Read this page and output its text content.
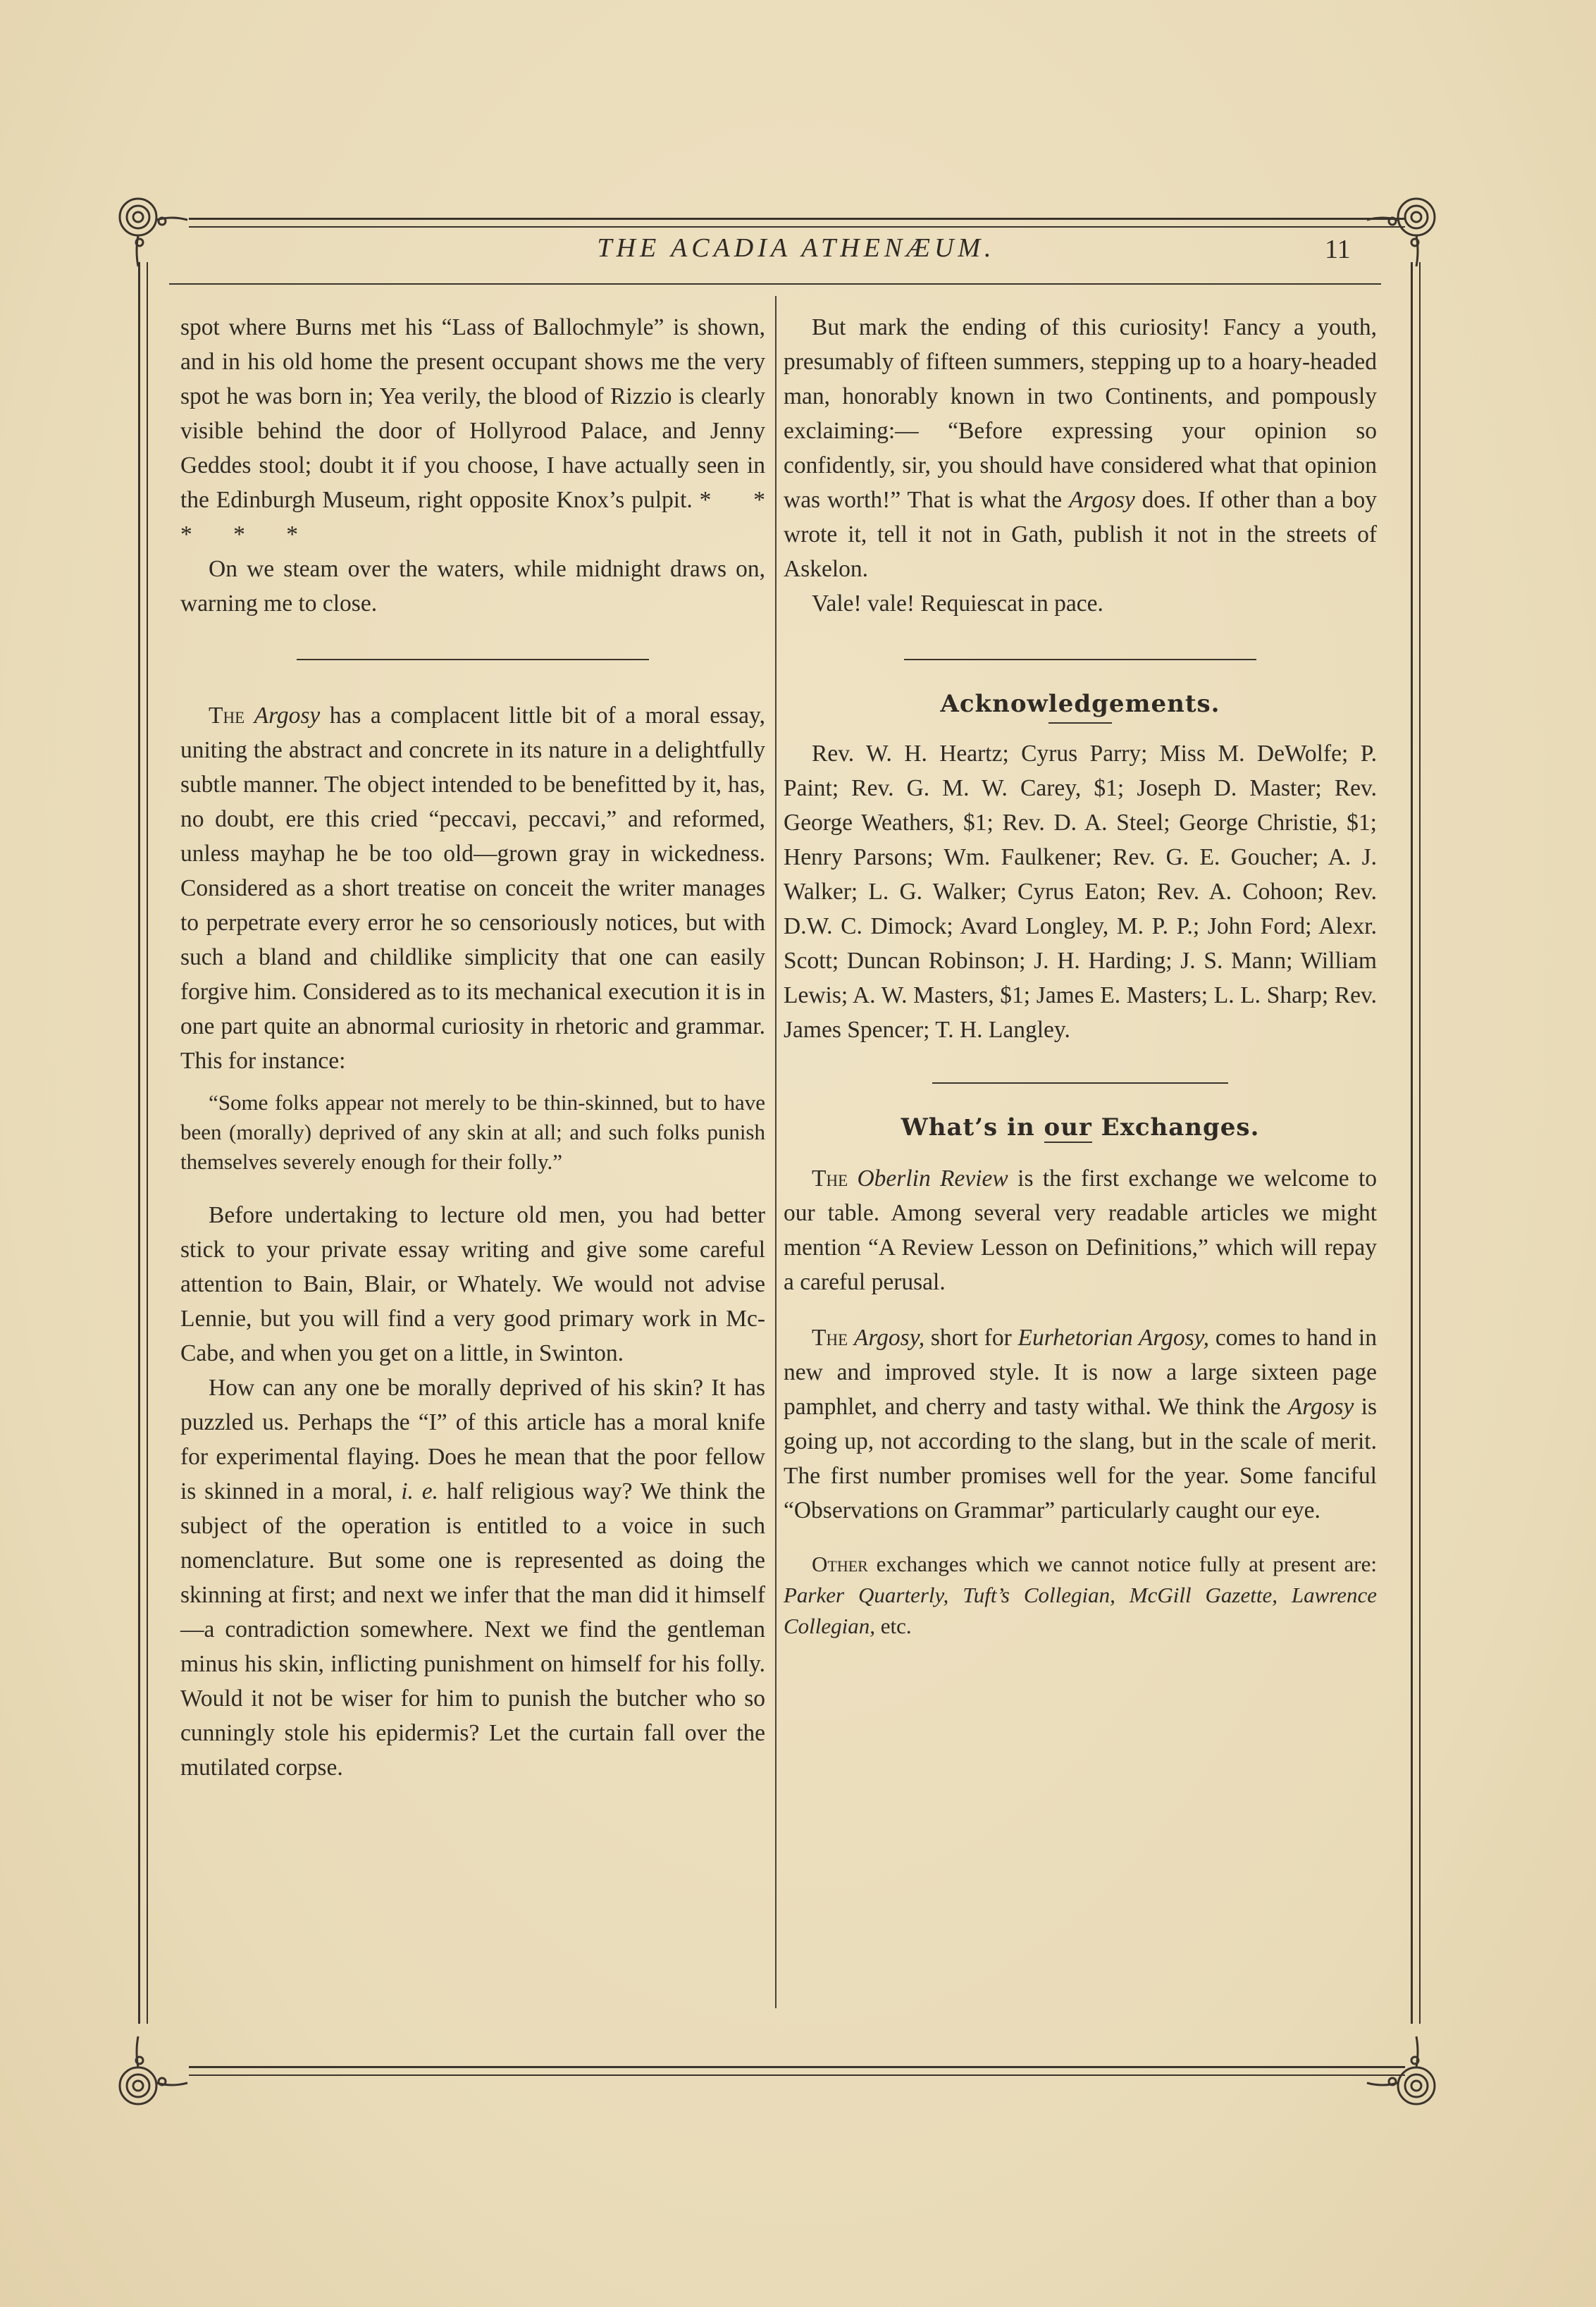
THE ACADIA ATHENÆUM.	11

spot where Burns met his “Lass of Ballochmyle” is shown, and in his old home the present occupant shows me the very spot he was born in; Yea verily, the blood of Rizzio is clearly visible behind the door of Hollyrood Palace, and Jenny Geddes stool; doubt it if you choose, I have actually seen in the Edinburgh Museum, right opposite Knox’s pulpit. * * * * *

On we steam over the waters, while midnight draws on, warning me to close.

The Argosy has a complacent little bit of a moral essay, uniting the abstract and concrete in its nature in a delightfully subtle manner. The object intended to be benefitted by it, has, no doubt, ere this cried “peccavi, peccavi,” and reformed, unless mayhap he be too old—grown gray in wickedness. Considered as a short treatise on conceit the writer manages to perpetrate every error he so censoriously notices, but with such a bland and childlike simplicity that one can easily forgive him. Considered as to its mechanical execution it is in one part quite an abnormal curiosity in rhetoric and grammar. This for instance:

“Some folks appear not merely to be thin-skinned, but to have been (morally) deprived of any skin at all; and such folks punish themselves severely enough for their folly.”

Before undertaking to lecture old men, you had better stick to your private essay writing and give some careful attention to Bain, Blair, or Whately. We would not advise Lennie, but you will find a very good primary work in McCabe, and when you get on a little, in Swinton.

How can any one be morally deprived of his skin? It has puzzled us. Perhaps the “I” of this article has a moral knife for experimental flaying. Does he mean that the poor fellow is skinned in a moral, i. e. half religious way? We think the subject of the operation is entitled to a voice in such nomenclature. But some one is represented as doing the skinning at first; and next we infer that the man did it himself—a contradiction somewhere. Next we find the gentleman minus his skin, inflicting punishment on himself for his folly. Would it not be wiser for him to punish the butcher who so cunningly stole his epidermis? Let the curtain fall over the mutilated corpse.

But mark the ending of this curiosity! Fancy a youth, presumably of fifteen summers, stepping up to a hoary-headed man, honorably known in two Continents, and pompously exclaiming:— “Before expressing your opinion so confidently, sir, you should have considered what that opinion was worth!” That is what the Argosy does. If other than a boy wrote it, tell it not in Gath, publish it not in the streets of Askelon.

Vale! vale! Requiescat in pace.

Acknowledgements.

Rev. W. H. Heartz; Cyrus Parry; Miss M. DeWolfe; P. Paint; Rev. G. M. W. Carey, $1; Joseph D. Master; Rev. George Weathers, $1; Rev. D. A. Steel; George Christie, $1; Henry Parsons; Wm. Faulkener; Rev. G. E. Goucher; A. J. Walker; L. G. Walker; Cyrus Eaton; Rev. A. Cohoon; Rev. D.W. C. Dimock; Avard Longley, M. P. P.; John Ford; Alexr. Scott; Duncan Robinson; J. H. Harding; J. S. Mann; William Lewis; A. W. Masters, $1; James E. Masters; L. L. Sharp; Rev. James Spencer; T. H. Langley.

What’s in our Exchanges.

The Oberlin Review is the first exchange we welcome to our table. Among several very readable articles we might mention “A Review Lesson on Definitions,” which will repay a careful perusal.

The Argosy, short for Eurhetorian Argosy, comes to hand in new and improved style. It is now a large sixteen page pamphlet, and cherry and tasty withal. We think the Argosy is going up, not according to the slang, but in the scale of merit. The first number promises well for the year. Some fanciful “Observations on Grammar” particularly caught our eye.

Other exchanges which we cannot notice fully at present are: Parker Quarterly, Tuft’s Collegian, McGill Gazette, Lawrence Collegian, etc.
